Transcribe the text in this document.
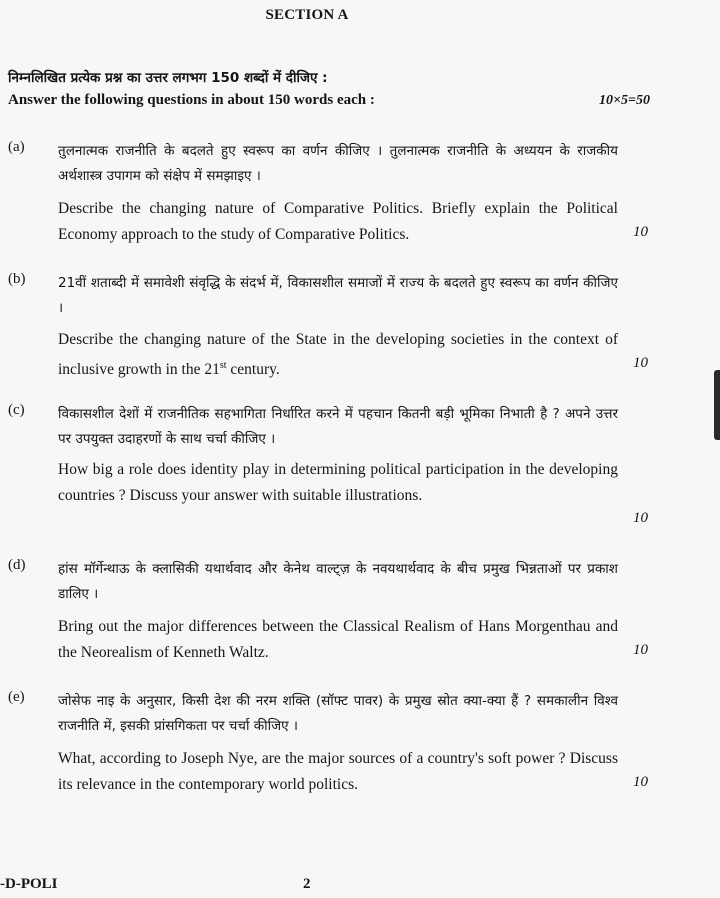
SECTION A
निम्नलिखित प्रत्येक प्रश्न का उत्तर लगभग 150 शब्दों में दीजिए :
Answer the following questions in about 150 words each :	10×5=50
(a) तुलनात्मक राजनीति के बदलते हुए स्वरूप का वर्णन कीजिए । तुलनात्मक राजनीति के अध्ययन के राजकीय अर्थशास्त्र उपागम को संक्षेप में समझाइए ।
Describe the changing nature of Comparative Politics. Briefly explain the Political Economy approach to the study of Comparative Politics.	10
(b) 21वीं शताब्दी में समावेशी संवृद्धि के संदर्भ में, विकासशील समाजों में राज्य के बदलते हुए स्वरूप का वर्णन कीजिए ।
Describe the changing nature of the State in the developing societies in the context of inclusive growth in the 21st century.	10
(c) विकासशील देशों में राजनीतिक सहभागिता निर्धारित करने में पहचान कितनी बड़ी भूमिका निभाती है ? अपने उत्तर पर उपयुक्त उदाहरणों के साथ चर्चा कीजिए ।
How big a role does identity play in determining political participation in the developing countries ? Discuss your answer with suitable illustrations.
10
(d) हांस मॉर्गेन्थाऊ के क्लासिकी यथार्थवाद और केनेथ वाल्ट्ज़ के नवयथार्थवाद के बीच प्रमुख भिन्नताओं पर प्रकाश डालिए ।
Bring out the major differences between the Classical Realism of Hans Morgenthau and the Neorealism of Kenneth Waltz.	10
(e) जोसेफ नाइ के अनुसार, किसी देश की नरम शक्ति (सॉफ्ट पावर) के प्रमुख स्रोत क्या-क्या हैं ? समकालीन विश्व राजनीति में, इसकी प्रांसगिकता पर चर्चा कीजिए ।
What, according to Joseph Nye, are the major sources of a country's soft power ? Discuss its relevance in the contemporary world politics.	10
-D-POLI	2
